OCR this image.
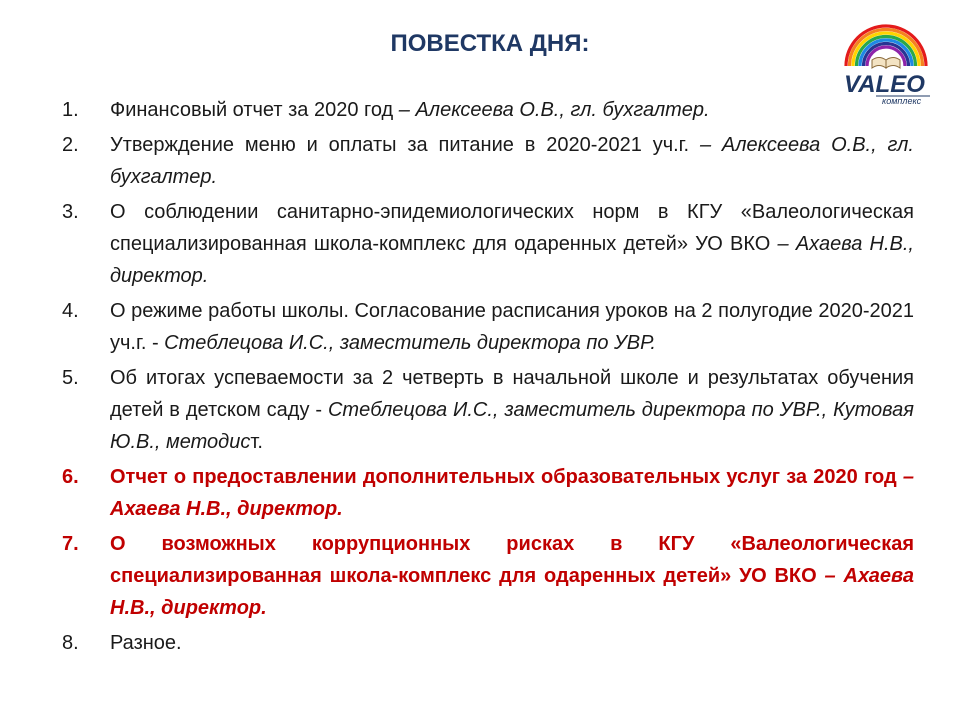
ПОВЕСТКА ДНЯ:
VALEO
комплекс
1.	Финансовый отчет за 2020 год – Алексеева О.В., гл. бухгалтер.
2.	Утверждение меню и оплаты за питание в 2020-2021 уч.г. – Алексеева О.В., гл. бухгалтер.
3.	О соблюдении санитарно-эпидемиологических норм в КГУ «Валеологическая специализированная школа-комплекс для одаренных детей» УО ВКО – Ахаева Н.В., директор.
4.	О режиме работы школы. Согласование расписания уроков на 2 полугодие 2020-2021 уч.г. - Стеблецова И.С., заместитель директора по УВР.
5.	Об итогах успеваемости за 2 четверть в начальной школе и результатах обучения детей в детском саду - Стеблецова И.С., заместитель директора по УВР., Кутовая Ю.В., методист.
6.	Отчет о предоставлении дополнительных образовательных услуг за 2020 год – Ахаева Н.В., директор.
7.	О возможных коррупционных рисках в КГУ «Валеологическая специализированная школа-комплекс для одаренных детей» УО ВКО – Ахаева Н.В., директор.
8.	Разное.
